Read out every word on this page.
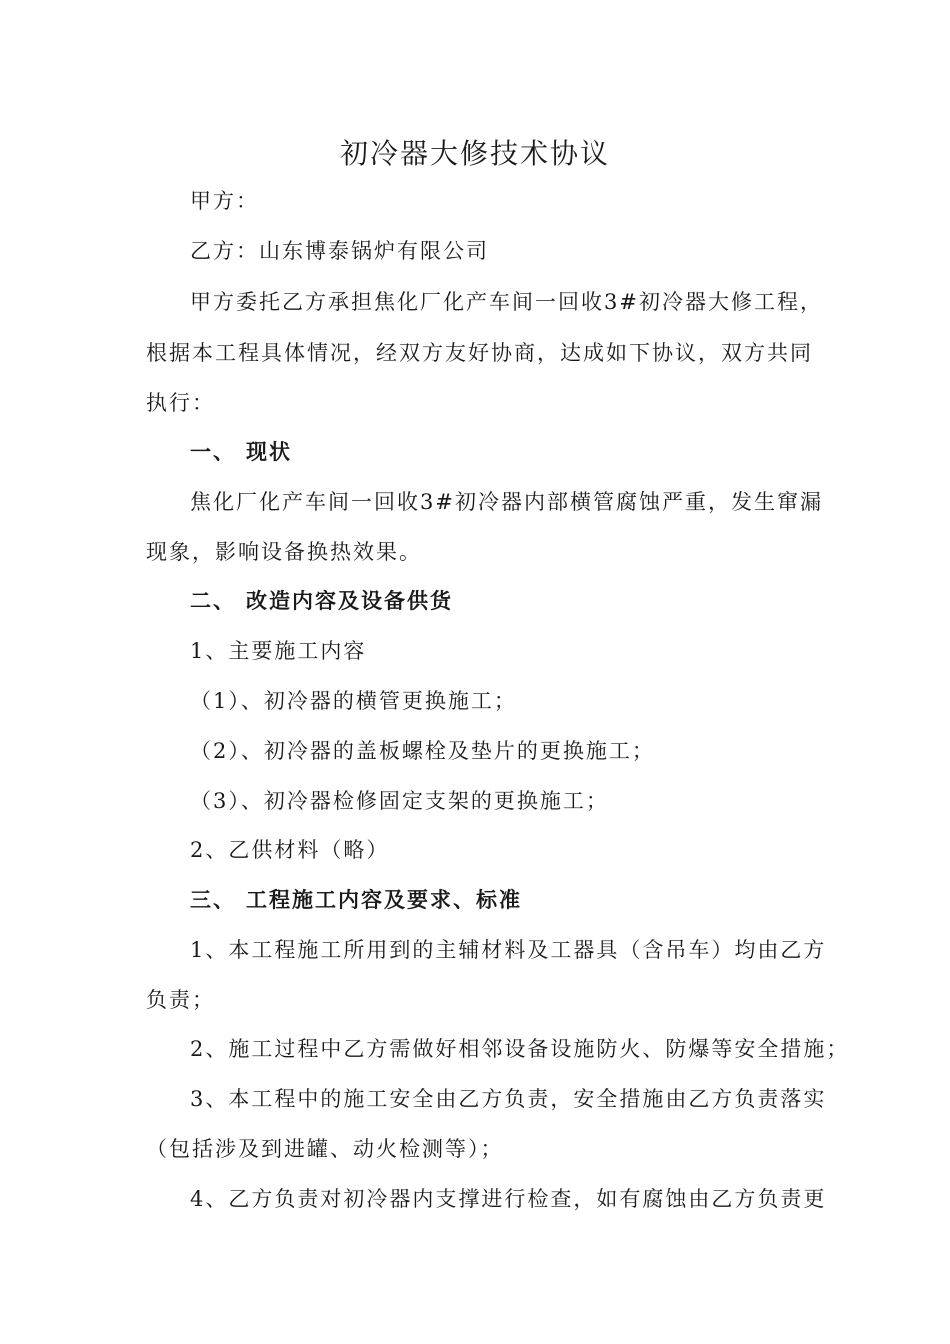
初冷器大修技术协议
甲方：
乙方：山东博泰锅炉有限公司
甲方委托乙方承担焦化厂化产车间一回收3#初冷器大修工程，
根据本工程具体情况，经双方友好协商，达成如下协议，双方共同
执行：
一、 现状
焦化厂化产车间一回收3#初冷器内部横管腐蚀严重，发生窜漏
现象，影响设备换热效果。
二、 改造内容及设备供货
1、主要施工内容
（1）、初冷器的横管更换施工；
（2）、初冷器的盖板螺栓及垫片的更换施工；
（3）、初冷器检修固定支架的更换施工；
2、乙供材料（略）
三、 工程施工内容及要求、标准
1、本工程施工所用到的主辅材料及工器具（含吊车）均由乙方
负责；
2、施工过程中乙方需做好相邻设备设施防火、防爆等安全措施；
3、本工程中的施工安全由乙方负责，安全措施由乙方负责落实
（包括涉及到进罐、动火检测等）；
4、乙方负责对初冷器内支撑进行检查，如有腐蚀由乙方负责更
